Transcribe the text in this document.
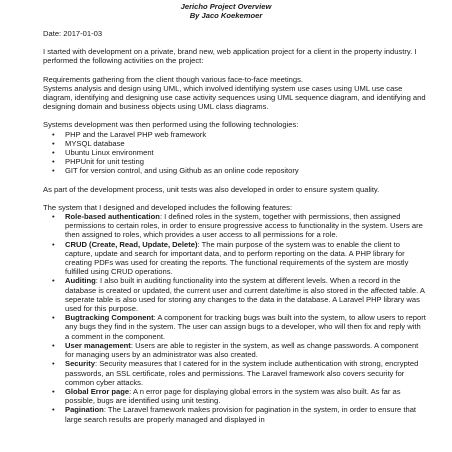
Jericho Project Overview
By Jaco Koekemoer

Date: 2017-01-03

I started with development on a private, brand new, web application project for a client in the property industry. I performed the following activities on the project:

Requirements gathering from the client though various face-to-face meetings.
Systems analysis and design using UML, which involved identifying system use cases using UML use case diagram, identifying and designing use case activity sequences using UML sequence diagram, and identifying and designing domain and business objects using UML class diagrams.

Systems development was then performed using the following technologies:

• PHP and the Laravel PHP web framework
• MYSQL database
• Ubuntu Linux environment
• PHPUnit for unit testing
• GIT for version control, and using Github as an online code repository

As part of the development process, unit tests was also developed in order to ensure system quality.

The system that I designed and developed includes the following features:

• Role-based authentication: I defined roles in the system, together with permissions, then assigned permissions to certain roles, in order to ensure progressive access to functionality in the system. Users are then assigned to roles, which provides a user access to all permissions for a role.
• CRUD (Create, Read, Update, Delete): The main purpose of the system was to enable the client to capture, update and search for important data, and to perform reporting on the data. A PHP library for creating PDFs was used for creating the reports. The functional requirements of the system are mostly fulfilled using CRUD operations.
• Auditing: I also built in auditing functionality into the system at different levels. When a record in the database is created or updated, the current user and current date/time is also stored in the affected table. A seperate table is also used for storing any changes to the data in the database. A Laravel PHP library was used for this purpose.
• Bugtracking Component: A component for tracking bugs was built into the system, to allow users to report any bugs they find in the system. The user can assign bugs to a developer, who will then fix and reply with a comment in the component.
• User management: Users are able to register in the system, as well as change passwords. A component for managing users by an administrator was also created.
• Security: Security measures that I catered for in the system include authentication with strong, encrypted passwords, an SSL certificate, roles and permissions. The Laravel framework also covers security for common cyber attacks.
• Global Error page: A n error page for displaying global errors in the system was also built. As far as possible, bugs are identified using unit testing.
• Pagination: The Laravel framework makes provision for pagination in the system, in order to ensure that large search results are properly managed and displayed in
